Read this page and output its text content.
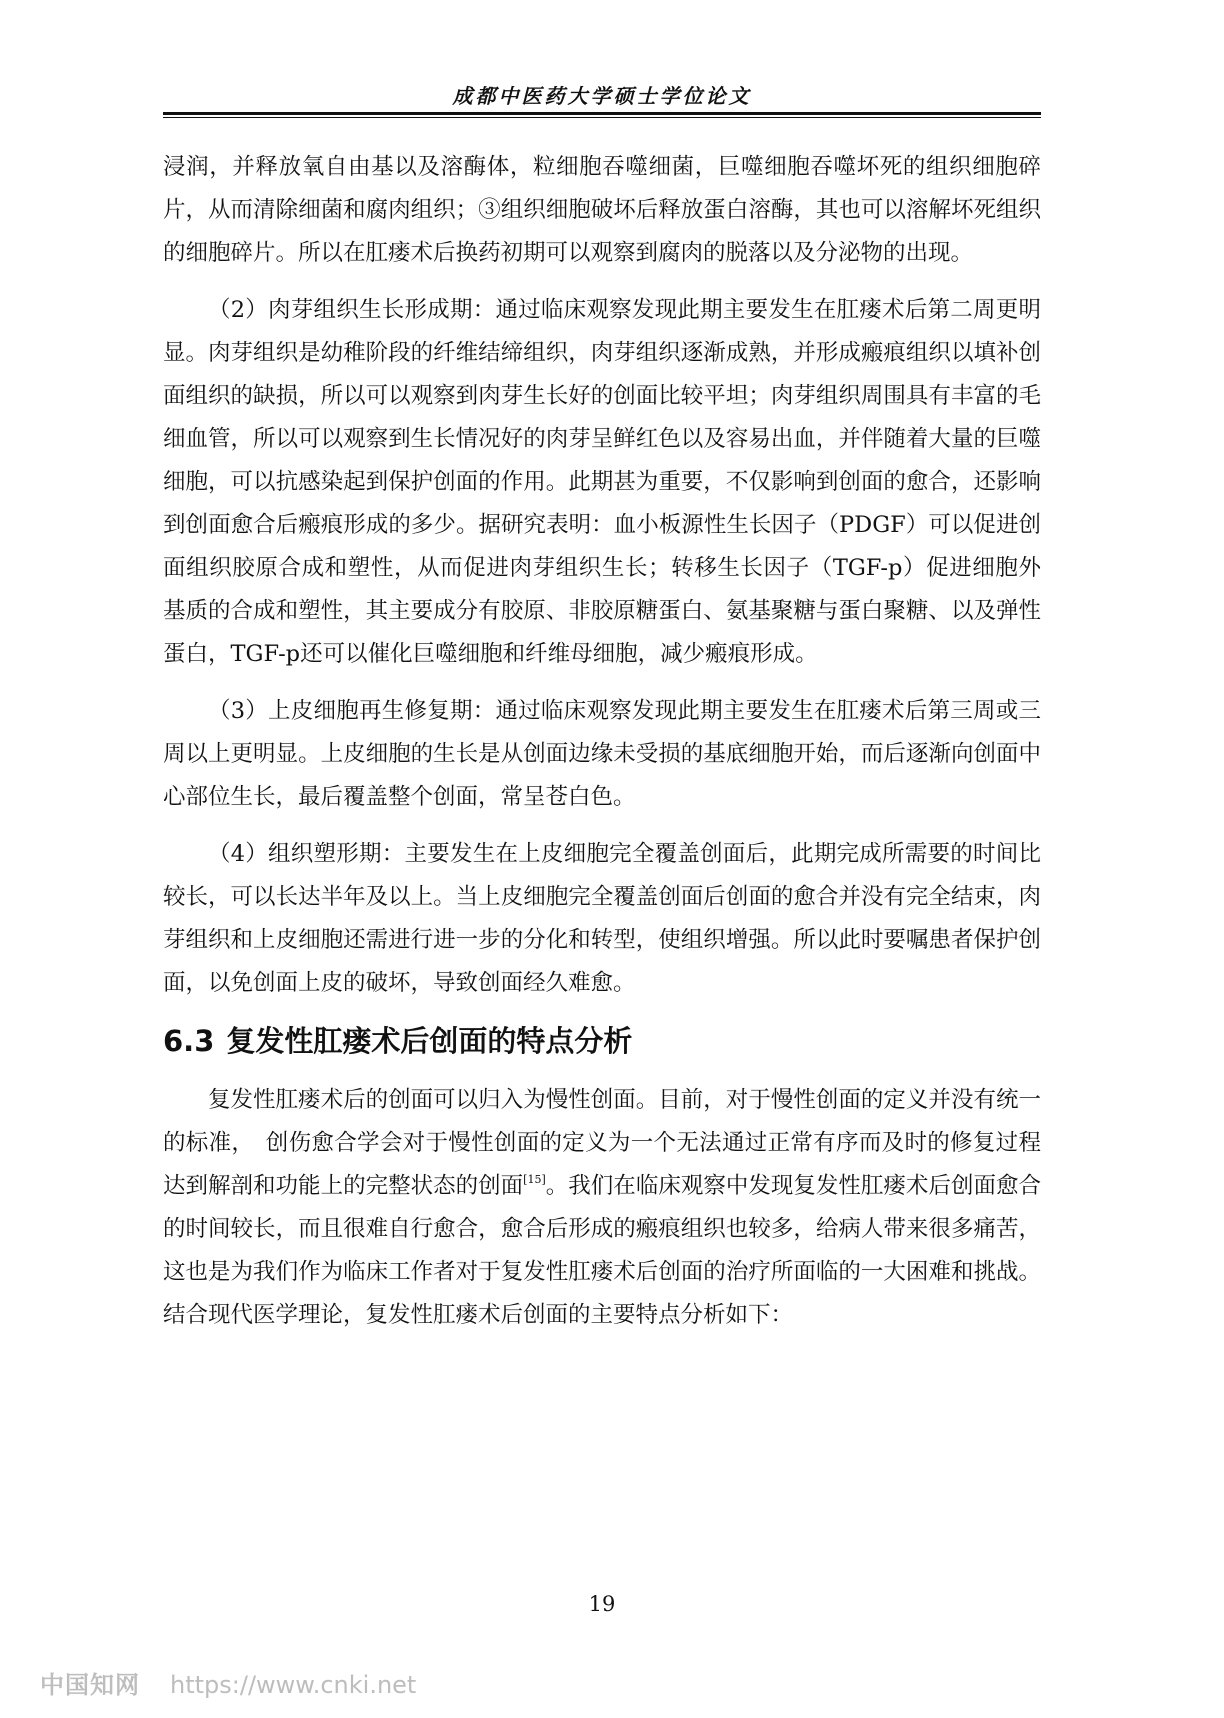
成都中医药大学硕士学位论文

浸润，并释放氧自由基以及溶酶体，粒细胞吞噬细菌，巨噬细胞吞噬坏死的组织细胞碎片，从而清除细菌和腐肉组织；③组织细胞破坏后释放蛋白溶酶，其也可以溶解坏死组织的细胞碎片。所以在肛瘘术后换药初期可以观察到腐肉的脱落以及分泌物的出现。

（2）肉芽组织生长形成期：通过临床观察发现此期主要发生在肛瘘术后第二周更明显。肉芽组织是幼稚阶段的纤维结缔组织，肉芽组织逐渐成熟，并形成瘢痕组织以填补创面组织的缺损，所以可以观察到肉芽生长好的创面比较平坦；肉芽组织周围具有丰富的毛细血管，所以可以观察到生长情况好的肉芽呈鲜红色以及容易出血，并伴随着大量的巨噬细胞，可以抗感染起到保护创面的作用。此期甚为重要，不仅影响到创面的愈合，还影响到创面愈合后瘢痕形成的多少。据研究表明：血小板源性生长因子（PDGF）可以促进创面组织胶原合成和塑性，从而促进肉芽组织生长；转移生长因子（TGF-p）促进细胞外基质的合成和塑性，其主要成分有胶原、非胶原糖蛋白、氨基聚糖与蛋白聚糖、以及弹性蛋白，TGF-p还可以催化巨噬细胞和纤维母细胞，减少瘢痕形成。

（3）上皮细胞再生修复期：通过临床观察发现此期主要发生在肛瘘术后第三周或三周以上更明显。上皮细胞的生长是从创面边缘未受损的基底细胞开始，而后逐渐向创面中心部位生长，最后覆盖整个创面，常呈苍白色。

（4）组织塑形期：主要发生在上皮细胞完全覆盖创面后，此期完成所需要的时间比较长，可以长达半年及以上。当上皮细胞完全覆盖创面后创面的愈合并没有完全结束，肉芽组织和上皮细胞还需进行进一步的分化和转型，使组织增强。所以此时要嘱患者保护创面，以免创面上皮的破坏，导致创面经久难愈。

6.3 复发性肛瘘术后创面的特点分析

复发性肛瘘术后的创面可以归入为慢性创面。目前，对于慢性创面的定义并没有统一的标准，　创伤愈合学会对于慢性创面的定义为一个无法通过正常有序而及时的修复过程达到解剖和功能上的完整状态的创面[15]。我们在临床观察中发现复发性肛瘘术后创面愈合的时间较长，而且很难自行愈合，愈合后形成的瘢痕组织也较多，给病人带来很多痛苦，这也是为我们作为临床工作者对于复发性肛瘘术后创面的治疗所面临的一大困难和挑战。结合现代医学理论，复发性肛瘘术后创面的主要特点分析如下：

19
中国知网 https://www.cnki.net
